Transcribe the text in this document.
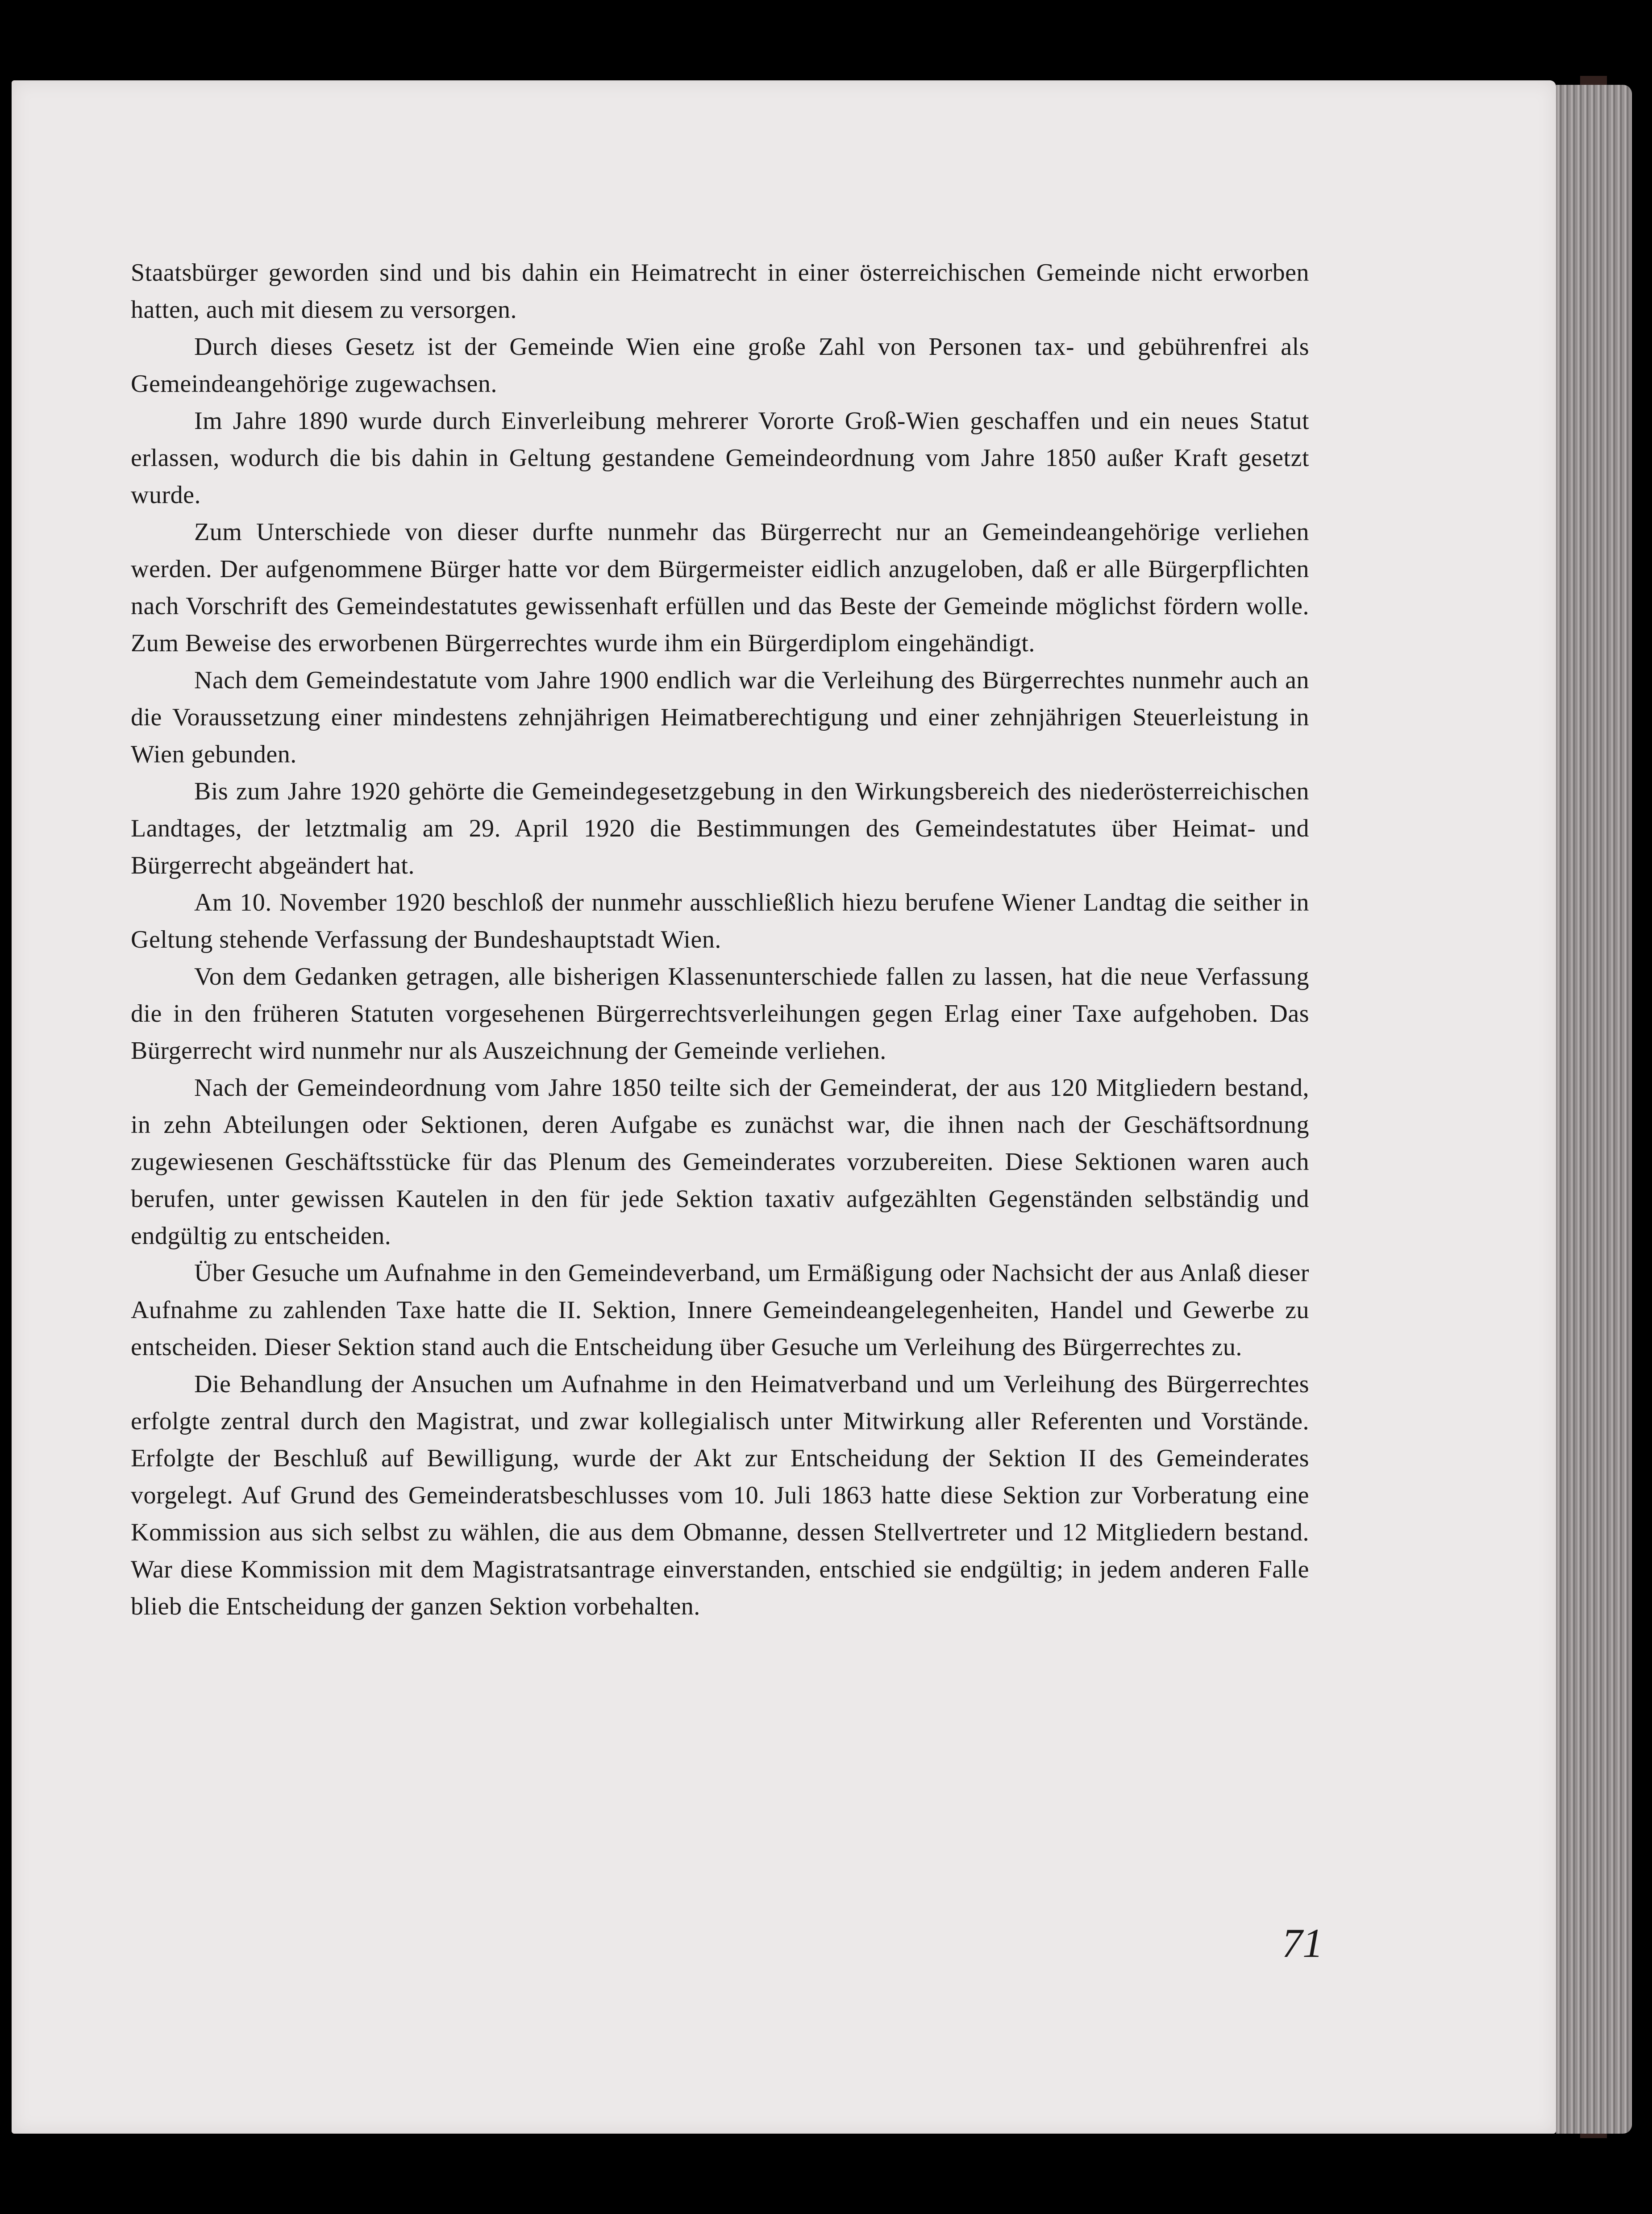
Staatsbürger geworden sind und bis dahin ein Heimatrecht in einer österreichischen Gemeinde nicht erworben hatten, auch mit diesem zu versorgen.

Durch dieses Gesetz ist der Gemeinde Wien eine große Zahl von Personen tax- und gebührenfrei als Gemeindeangehörige zugewachsen.

Im Jahre 1890 wurde durch Einverleibung mehrerer Vororte Groß-Wien geschaffen und ein neues Statut erlassen, wodurch die bis dahin in Geltung gestandene Gemeindeordnung vom Jahre 1850 außer Kraft gesetzt wurde.

Zum Unterschiede von dieser durfte nunmehr das Bürgerrecht nur an Gemeindeangehörige verliehen werden. Der aufgenommene Bürger hatte vor dem Bürgermeister eidlich anzugeloben, daß er alle Bürgerpflichten nach Vorschrift des Gemeindestatutes gewissenhaft erfüllen und das Beste der Gemeinde möglichst fördern wolle. Zum Beweise des erworbenen Bürgerrechtes wurde ihm ein Bürgerdiplom eingehändigt.

Nach dem Gemeindestatute vom Jahre 1900 endlich war die Verleihung des Bürgerrechtes nunmehr auch an die Voraussetzung einer mindestens zehnjährigen Heimatberechtigung und einer zehnjährigen Steuerleistung in Wien gebunden.

Bis zum Jahre 1920 gehörte die Gemeindegesetzgebung in den Wirkungsbereich des niederösterreichischen Landtages, der letztmalig am 29. April 1920 die Bestimmungen des Gemeindestatutes über Heimat- und Bürgerrecht abgeändert hat.

Am 10. November 1920 beschloß der nunmehr ausschließlich hiezu berufene Wiener Landtag die seither in Geltung stehende Verfassung der Bundeshauptstadt Wien.

Von dem Gedanken getragen, alle bisherigen Klassenunterschiede fallen zu lassen, hat die neue Verfassung die in den früheren Statuten vorgesehenen Bürgerrechtsverleihungen gegen Erlag einer Taxe aufgehoben. Das Bürgerrecht wird nunmehr nur als Auszeichnung der Gemeinde verliehen.

Nach der Gemeindeordnung vom Jahre 1850 teilte sich der Gemeinderat, der aus 120 Mitgliedern bestand, in zehn Abteilungen oder Sektionen, deren Aufgabe es zunächst war, die ihnen nach der Geschäftsordnung zugewiesenen Geschäftsstücke für das Plenum des Gemeinderates vorzubereiten. Diese Sektionen waren auch berufen, unter gewissen Kautelen in den für jede Sektion taxativ aufgezählten Gegenständen selbständig und endgültig zu entscheiden.

Über Gesuche um Aufnahme in den Gemeindeverband, um Ermäßigung oder Nachsicht der aus Anlaß dieser Aufnahme zu zahlenden Taxe hatte die II. Sektion, Innere Gemeindeangelegenheiten, Handel und Gewerbe zu entscheiden. Dieser Sektion stand auch die Entscheidung über Gesuche um Verleihung des Bürgerrechtes zu.

Die Behandlung der Ansuchen um Aufnahme in den Heimatverband und um Verleihung des Bürgerrechtes erfolgte zentral durch den Magistrat, und zwar kollegialisch unter Mitwirkung aller Referenten und Vorstände. Erfolgte der Beschluß auf Bewilligung, wurde der Akt zur Entscheidung der Sektion II des Gemeinderates vorgelegt. Auf Grund des Gemeinderatsbeschlusses vom 10. Juli 1863 hatte diese Sektion zur Vorberatung eine Kommission aus sich selbst zu wählen, die aus dem Obmanne, dessen Stellvertreter und 12 Mitgliedern bestand. War diese Kommission mit dem Magistratsantrage einverstanden, entschied sie endgültig; in jedem anderen Falle blieb die Entscheidung der ganzen Sektion vorbehalten.

71
